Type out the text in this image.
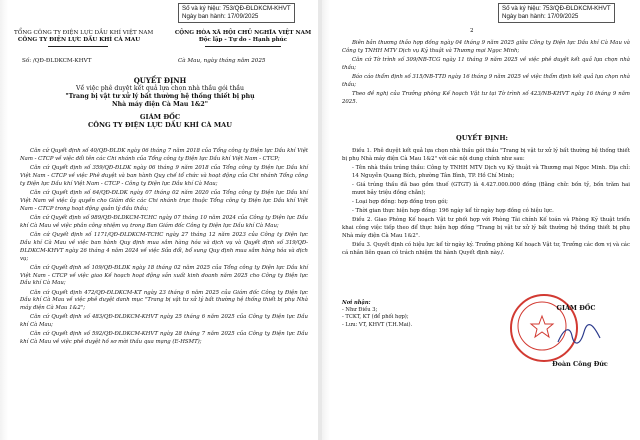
Số và ký hiệu: 753/QĐ-ĐLDKCM-KHVT
Ngày ban hành: 17/09/2025
TỔNG CÔNG TY ĐIỆN LỰC DẦU KHÍ VIỆT NAM
CÔNG TY ĐIỆN LỰC DẦU KHÍ CÀ MAU
CỘNG HÒA XÃ HỘI CHỦ NGHĨA VIỆT NAM
Độc lập - Tự do - Hạnh phúc
Số: /QĐ-ĐLDKCM-KHVT	Cà Mau, ngày tháng năm 2025
QUYẾT ĐỊNH
Về việc phê duyệt kết quả lựa chọn nhà thầu gói thầu
"Trang bị vật tư xử lý bất thường hệ thống thiết bị phụ
Nhà máy điện Cà Mau 1&2"
GIÁM ĐỐC
CÔNG TY ĐIỆN LỰC DẦU KHÍ CÀ MAU

Căn cứ Quyết định số 40/QĐ-ĐLDK ngày 06 tháng 7 năm 2018 của Tổng công ty Điện lực Dầu khí Việt Nam - CTCP về việc đổi tên các Chi nhánh của Tổng công ty Điện lực Dầu khí Việt Nam - CTCP;

Căn cứ Quyết định số 359/QĐ-ĐLDK ngày 06 tháng 9 năm 2018 của Tổng công ty Điện lực Dầu khí Việt Nam - CTCP về việc Phê duyệt và ban hành Quy chế tổ chức và hoạt động của Chi nhánh Tổng công ty Điện lực Dầu khí Việt Nam - CTCP - Công ty Điện lực Dầu khí Cà Mau;

Căn cứ Quyết định số 64/QĐ-ĐLDK ngày 07 tháng 02 năm 2020 của Tổng công ty Điện lực Dầu khí Việt Nam về việc ủy quyền cho Giám đốc các Chi nhánh trực thuộc Tổng công ty Điện lực Dầu khí Việt Nam - CTCP trong hoạt động quản lý đầu thầu;

Căn cứ Quyết định số 989/QĐ-ĐLDKCM-TCHC ngày 07 tháng 10 năm 2024 của Công ty Điện lực Dầu khí Cà Mau về việc phân công nhiệm vụ trong Ban Giám đốc Công ty Điện lực Dầu khí Cà Mau;

Căn cứ Quyết định số 1171/QĐ-ĐLDKCM-TCHC ngày 27 tháng 12 năm 2023 của Công ty Điện lực Dầu khí Cà Mau về việc ban hành Quy định mua sắm hàng hóa và dịch vụ và Quyết định số 319/QĐ-ĐLDKCM-KHVT ngày 26 tháng 4 năm 2024 về việc Sửa đổi, bổ sung Quy định mua sắm hàng hóa và dịch vụ;

Căn cứ Quyết định số 109/QĐ-ĐLDK ngày 18 tháng 02 năm 2025 của Tổng công ty Điện lực Dầu khí Việt Nam - CTCP về việc giao Kế hoạch hoạt động sản xuất kinh doanh năm 2025 cho Công ty Điện lực Dầu khí Cà Mau;

Căn cứ Quyết định 472/QĐ-ĐLDKCM-KT ngày 23 tháng 6 năm 2025 của Giám đốc Công ty Điện lực Dầu khí Cà Mau về việc phê duyệt danh mục "Trang bị vật tư xử lý bất thường hệ thống thiết bị phụ Nhà máy điện Cà Mau 1&2";

Căn cứ Quyết định số 483/QĐ-ĐLDKCM-KHVT ngày 25 tháng 6 năm 2025 của Công ty Điện lực Dầu khí Cà Mau;

Căn cứ Quyết định số 592/QĐ-ĐLDKCM-KHVT ngày 28 tháng 7 năm 2025 của Công ty Điện lực Dầu khí Cà Mau về việc phê duyệt hồ sơ mời thầu qua mạng (E-HSMT);

2
Số và ký hiệu: 753/QĐ-ĐLDKCM-KHVT
Ngày ban hành: 17/09/2025

Biên bản thương thảo hợp đồng ngày 04 tháng 9 năm 2025 giữa Công ty Điện lực Dầu khí Cà Mau và Công ty TNHH MTV Dịch vụ Kỹ thuật và Thương mại Ngọc Minh;

Căn cứ Tờ trình số 309/NB-TCG ngày 11 tháng 9 năm 2025 về việc phê duyệt kết quả lựa chọn nhà thầu;

Báo cáo thẩm định số 315/NB-TTD ngày 16 tháng 9 năm 2025 về việc thẩm định kết quả lựa chọn nhà thầu;

Theo đề nghị của Trưởng phòng Kế hoạch Vật tư tại Tờ trình số 423/NB-KHVT ngày 16 tháng 9 năm 2025.

QUYẾT ĐỊNH:

Điều 1. Phê duyệt kết quả lựa chọn nhà thầu gói thầu "Trang bị vật tư xử lý bất thường hệ thống thiết bị phụ Nhà máy điện Cà Mau 1&2" với các nội dung chính như sau:

- Tên nhà thầu trúng thầu: Công ty TNHH MTV Dịch vụ Kỹ thuật và Thương mại Ngọc Minh. Địa chỉ: 14 Nguyễn Quang Bích, phường Tân Bình, TP. Hồ Chí Minh;

- Giá trúng thầu đã bao gồm thuế (GTGT) là 4.427.000.000 đồng (Bằng chữ: bốn tỷ, bốn trăm hai mươi bảy triệu đồng chẵn);

- Loại hợp đồng: hợp đồng trọn gói;

- Thời gian thực hiện hợp đồng: 196 ngày kể từ ngày hợp đồng có hiệu lực.

Điều 2. Giao Phòng Kế hoạch Vật tư phối hợp với Phòng Tài chính Kế toán và Phòng Kỹ thuật triển khai công việc tiếp theo để thực hiện hợp đồng "Trang bị vật tư xử lý bất thường hệ thống thiết bị phụ Nhà máy điện Cà Mau 1&2".

Điều 3. Quyết định có hiệu lực kể từ ngày ký. Trưởng phòng Kế hoạch Vật tư, Trưởng các đơn vị và các cá nhân liên quan có trách nhiệm thi hành Quyết định này./.

Nơi nhận:
- Như Điều 3;
- TCKT, KT (để phối hợp);
- Lưu: VT, KHVT (T.H.Mai).
GIÁM ĐỐC
Đoàn Công Đức
